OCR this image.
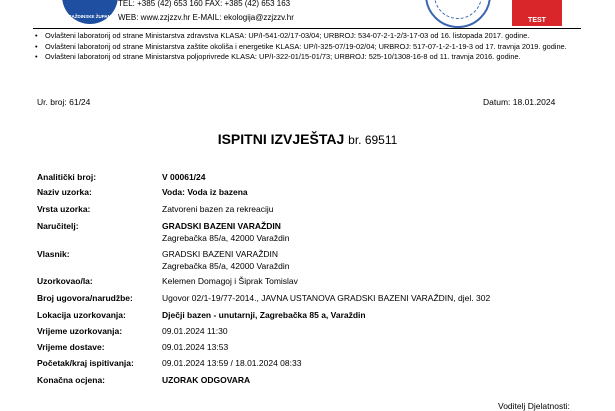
VARAŽDINSKE ŽUPANIJE
TEL: +385 (42) 653 160 FAX: +385 (42) 653 163
WEB: www.zzjzzv.hr E-MAIL: ekologija@zzjzzv.hr	TEST
• Ovlašteni laboratorij od strane Ministarstva zdravstva KLASA: UP/I-541-02/17-03/04; URBROJ: 534-07-2-1-2/3-17-03 od 16. listopada 2017. godine.
• Ovlašteni laboratorij od strane Ministarstva zaštite okoliša i energetike KLASA: UP/I-325-07/19-02/04; URBROJ: 517-07-1-2-1-19-3 od 17. travnja 2019. godine.
• Ovlašteni laboratorij od strane Ministarstva poljoprivrede KLASA: UP/I-322-01/15-01/73; URBROJ: 525-10/1308-16-8 od 11. travnja 2016. godine.
Ur. broj: 61/24	Datum: 18.01.2024
ISPITNI IZVJEŠTAJ br. 69511
Analitički broj:	V 00061/24
Naziv uzorka:	Voda: Voda iz bazena
Vrsta uzorka:	Zatvoreni bazen za rekreaciju
Naručitelj:	GRADSKI BAZENI VARAŽDIN
Zagrebačka 85/a, 42000 Varaždin
Vlasnik:	GRADSKI BAZENI VARAŽDIN
Zagrebačka 85/a, 42000 Varaždin
Uzorkovao/la:	Kelemen Domagoj i Šiprak Tomislav
Broj ugovora/narudžbe:	Ugovor 02/1-19/77-2014., JAVNA USTANOVA GRADSKI BAZENI VARAŽDIN, djel. 302
Lokacija uzorkovanja:	Dječji bazen - unutarnji, Zagrebačka 85 a, Varaždin
Vrijeme uzorkovanja:	09.01.2024 11:30
Vrijeme dostave:	09.01.2024 13:53
Početak/kraj ispitivanja:	09.01.2024 13:59 / 18.01.2024 08:33
Konačna ocjena:	UZORAK ODGOVARA
Voditelj Djelatnosti:
